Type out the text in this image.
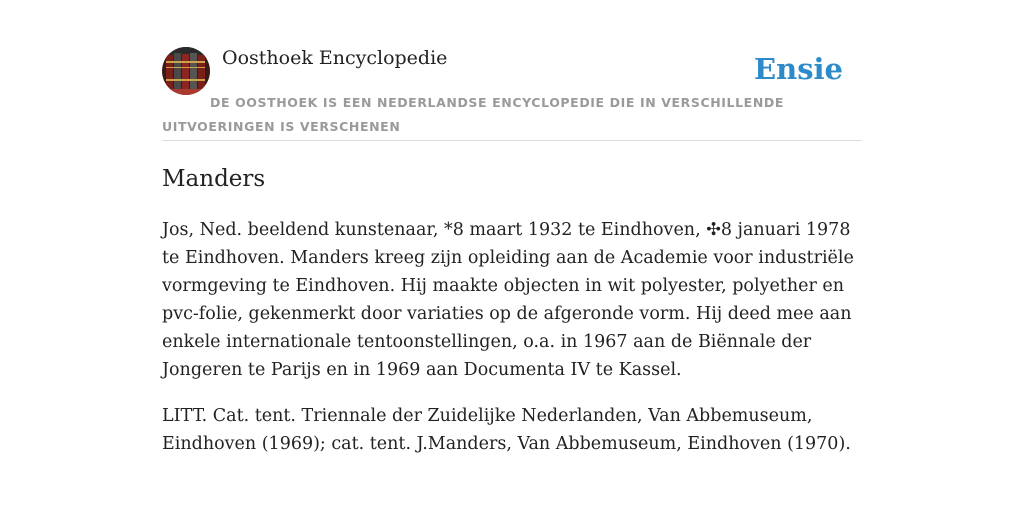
Oosthoek Encyclopedie	Ensie
DE OOSTHOEK IS EEN NEDERLANDSE ENCYCLOPEDIE DIE IN VERSCHILLENDE UITVOERINGEN IS VERSCHENEN
Manders

Jos, Ned. beeldend kunstenaar, *8 maart 1932 te Eindhoven, ✣8 januari 1978 te Eindhoven. Manders kreeg zijn opleiding aan de Academie voor industriële vormgeving te Eindhoven. Hij maakte objecten in wit polyester, polyether en pvc-folie, gekenmerkt door variaties op de afgeronde vorm. Hij deed mee aan enkele internationale tentoonstellingen, o.a. in 1967 aan de Biënnale der Jongeren te Parijs en in 1969 aan Documenta IV te Kassel.

LITT. Cat. tent. Triennale der Zuidelijke Nederlanden, Van Abbemuseum, Eindhoven (1969); cat. tent. J.Manders, Van Abbemuseum, Eindhoven (1970).
